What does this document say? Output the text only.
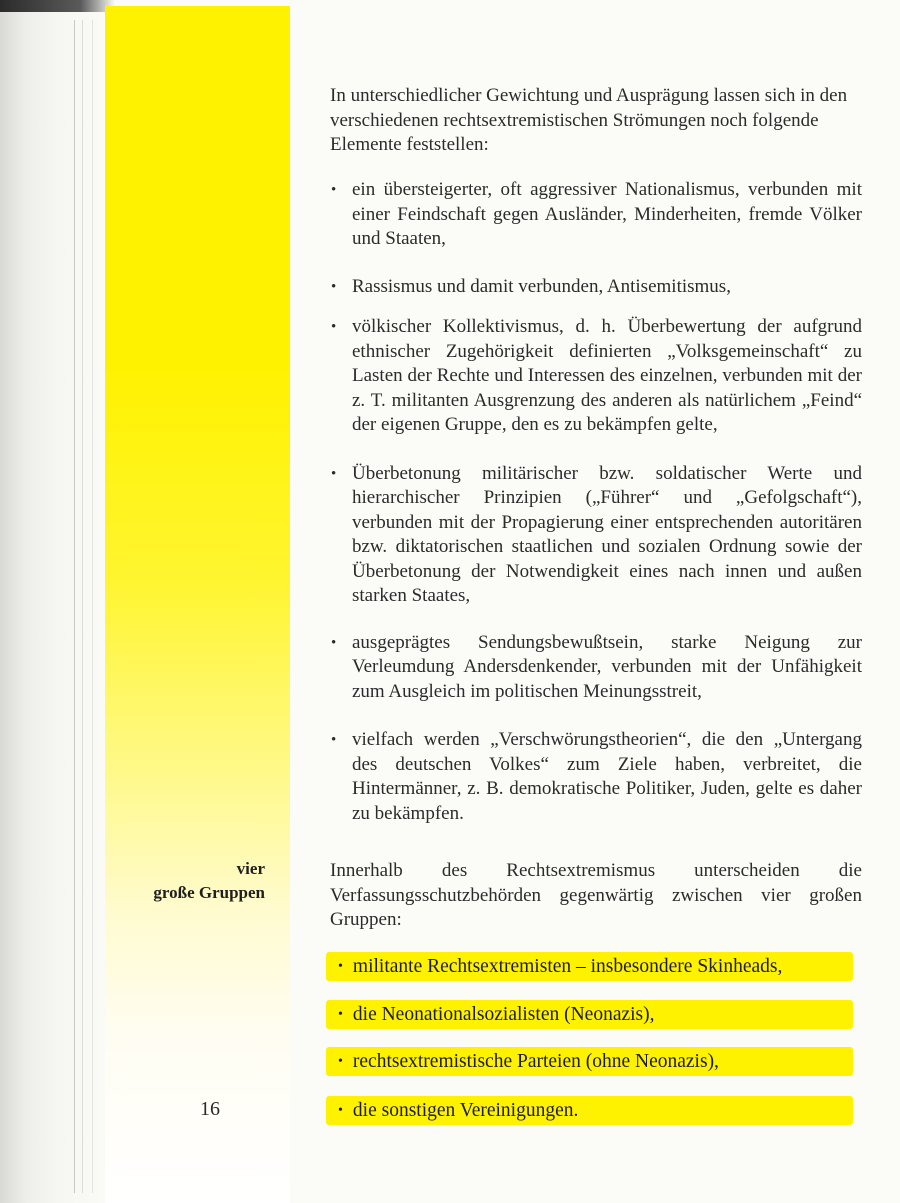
In unterschiedlicher Gewichtung und Ausprägung lassen sich in den verschiedenen rechtsextremistischen Strömungen noch folgende Elemente feststellen:

• ein übersteigerter, oft aggressiver Nationalismus, verbunden mit einer Feindschaft gegen Ausländer, Minderheiten, fremde Völker und Staaten,
• Rassismus und damit verbunden, Antisemitismus,
• völkischer Kollektivismus, d. h. Überbewertung der aufgrund ethnischer Zugehörigkeit definierten „Volksgemeinschaft“ zu Lasten der Rechte und Interessen des einzelnen, verbunden mit der z. T. militanten Ausgrenzung des anderen als natürlichem „Feind“ der eigenen Gruppe, den es zu bekämpfen gelte,
• Überbetonung militärischer bzw. soldatischer Werte und hierarchischer Prinzipien („Führer“ und „Gefolgschaft“), verbunden mit der Propagierung einer entsprechenden autoritären bzw. diktatorischen staatlichen und sozialen Ordnung sowie der Überbetonung der Notwendigkeit eines nach innen und außen starken Staates,
• ausgeprägtes Sendungsbewußtsein, starke Neigung zur Verleumdung Andersdenkender, verbunden mit der Unfähigkeit zum Ausgleich im politischen Meinungsstreit,
• vielfach werden „Verschwörungstheorien“, die den „Untergang des deutschen Volkes“ zum Ziele haben, verbreitet, die Hintermänner, z. B. demokratische Politiker, Juden, gelte es daher zu bekämpfen.
vier
große Gruppen

Innerhalb des Rechtsextremismus unterscheiden die Verfassungsschutzbehörden gegenwärtig zwischen vier großen Gruppen:

• militante Rechtsextremisten – insbesondere Skinheads,
• die Neonationalsozialisten (Neonazis),
• rechtsextremistische Parteien (ohne Neonazis),
• die sonstigen Vereinigungen.
16
